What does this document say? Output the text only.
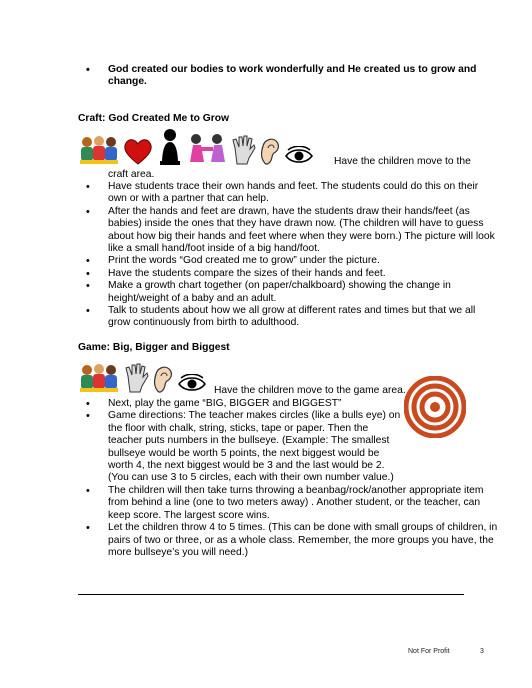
• God created our bodies to work wonderfully and He created us to grow and change.
Craft: God Created Me to Grow
Have the children move to the
craft area.
• Have students trace their own hands and feet. The students could do this on their own or with a partner that can help.
• After the hands and feet are drawn, have the students draw their hands/feet (as babies) inside the ones that they have drawn now. (The children will have to guess about how big their hands and feet where when they were born.) The picture will look like a small hand/foot inside of a big hand/foot.
• Print the words “God created me to grow” under the picture.
• Have the students compare the sizes of their hands and feet.
• Make a growth chart together (on paper/chalkboard) showing the change in height/weight of a baby and an adult.
• Talk to students about how we all grow at different rates and times but that we all grow continuously from birth to adulthood.
Game: Big, Bigger and Biggest
Have the children move to the game area.
• Next, play the game “BIG, BIGGER and BIGGEST”
• Game directions: The teacher makes circles (like a bulls eye) on the floor with chalk, string, sticks, tape or paper. Then the teacher puts numbers in the bullseye. (Example: The smallest bullseye would be worth 5 points, the next biggest would be worth 4, the next biggest would be 3 and the last would be 2. (You can use 3 to 5 circles, each with their own number value.)
• The children will then take turns throwing a beanbag/rock/another appropriate item from behind a line (one to two meters away) . Another student, or the teacher, can keep score. The largest score wins.
• Let the children throw 4 to 5 times. (This can be done with small groups of children, in pairs of two or three, or as a whole class. Remember, the more groups you have, the more bullseye’s you will need.)
Not For Profit	3
